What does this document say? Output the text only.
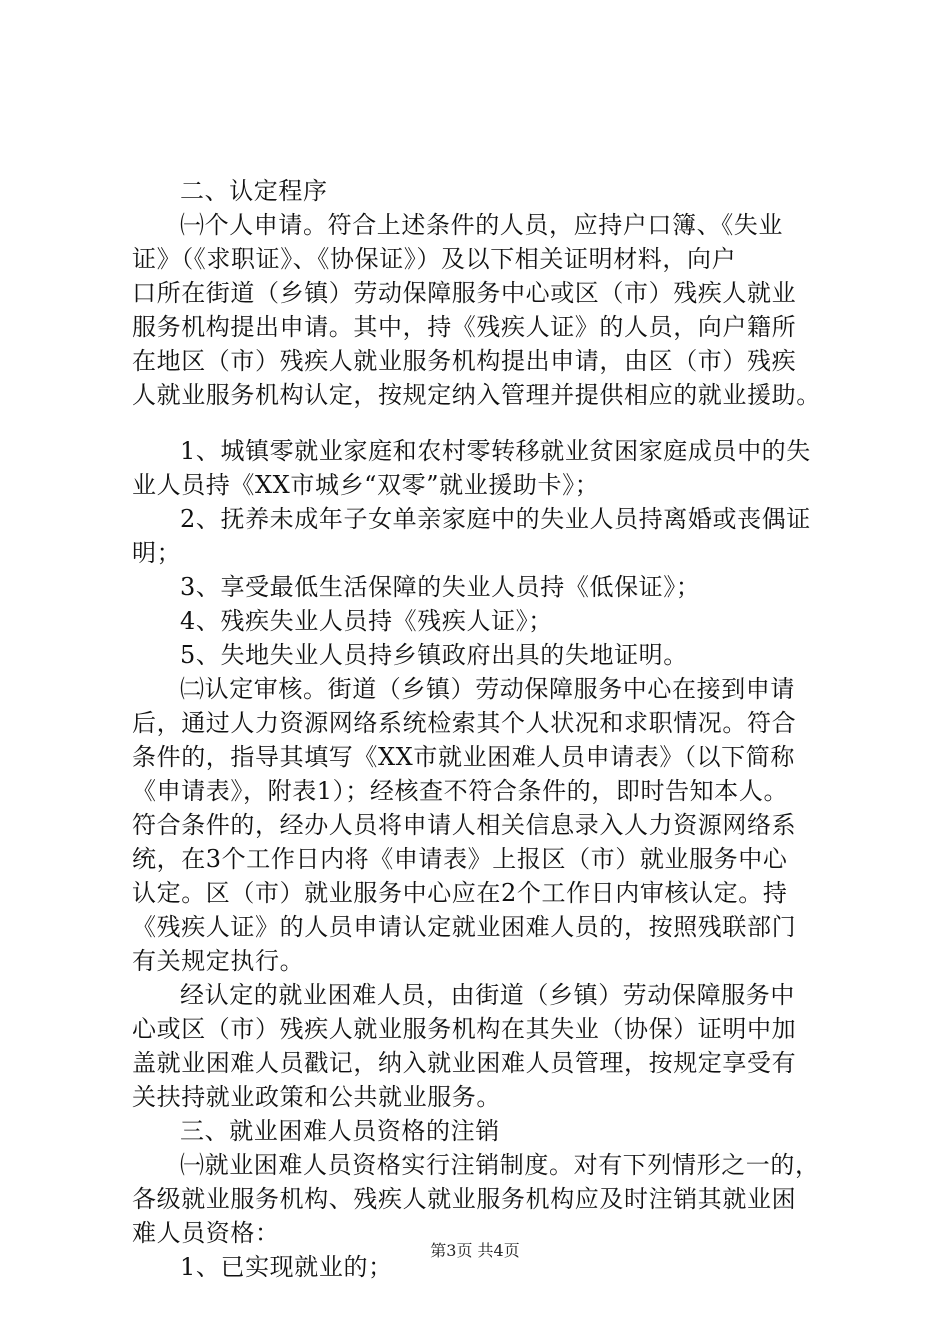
二、认定程序
㈠个人申请。符合上述条件的人员，应持户口簿、《失业
证》（《求职证》、《协保证》）及以下相关证明材料，向户
口所在街道（乡镇）劳动保障服务中心或区（市）残疾人就业
服务机构提出申请。其中，持《残疾人证》的人员，向户籍所
在地区（市）残疾人就业服务机构提出申请，由区（市）残疾
人就业服务机构认定，按规定纳入管理并提供相应的就业援助。
1、城镇零就业家庭和农村零转移就业贫困家庭成员中的失
业人员持《XX市城乡“双零”就业援助卡》；
2、抚养未成年子女单亲家庭中的失业人员持离婚或丧偶证
明；
3、享受最低生活保障的失业人员持《低保证》；
4、残疾失业人员持《残疾人证》；
5、失地失业人员持乡镇政府出具的失地证明。
㈡认定审核。街道（乡镇）劳动保障服务中心在接到申请
后，通过人力资源网络系统检索其个人状况和求职情况。符合
条件的，指导其填写《XX市就业困难人员申请表》（以下简称
《申请表》，附表1）；经核查不符合条件的，即时告知本人。
符合条件的，经办人员将申请人相关信息录入人力资源网络系
统，在3个工作日内将《申请表》上报区（市）就业服务中心
认定。区（市）就业服务中心应在2个工作日内审核认定。持
《残疾人证》的人员申请认定就业困难人员的，按照残联部门
有关规定执行。
经认定的就业困难人员，由街道（乡镇）劳动保障服务中
心或区（市）残疾人就业服务机构在其失业（协保）证明中加
盖就业困难人员戳记，纳入就业困难人员管理，按规定享受有
关扶持就业政策和公共就业服务。
三、就业困难人员资格的注销
㈠就业困难人员资格实行注销制度。对有下列情形之一的，
各级就业服务机构、残疾人就业服务机构应及时注销其就业困
难人员资格：
1、已实现就业的；
第3页 共4页
